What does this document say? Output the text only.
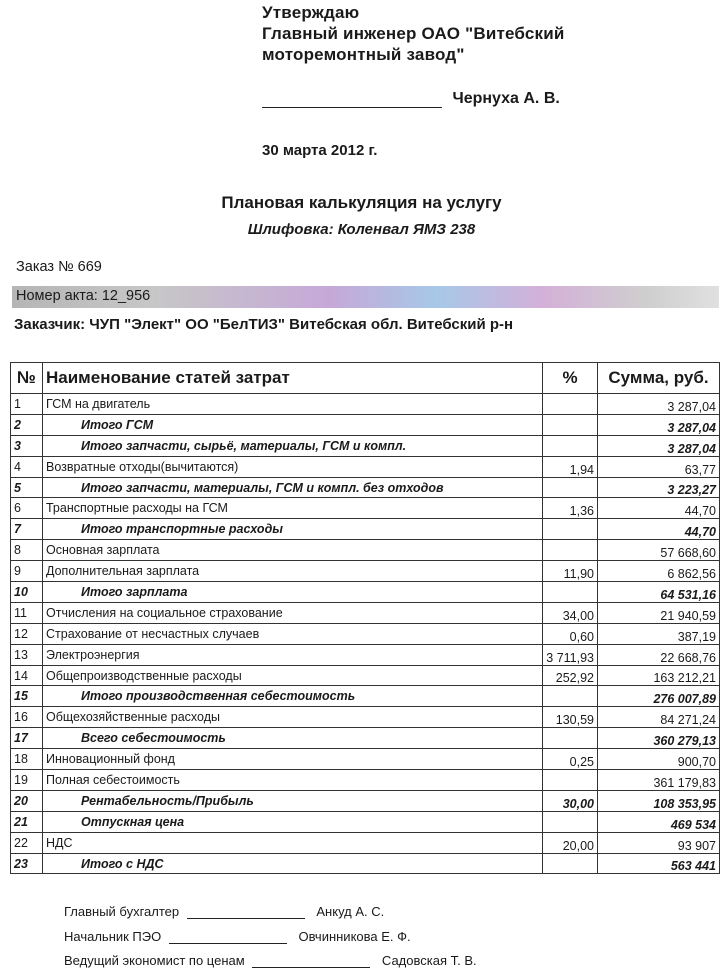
Утверждаю
Главный инженер ОАО "Витебский
моторемонтный завод"
Чернуха А. В.
30 марта 2012 г.
Плановая калькуляция на услугу
Шлифовка: Коленвал ЯМЗ 238
Заказ № 669
Номер акта: 12_956
Заказчик: ЧУП "Элект" ОО "БелТИЗ" Витебская обл. Витебский р-н
№	Наименование статей затрат	%	Сумма, руб.
1	ГСМ на двигатель		3 287,04
2	Итого ГСМ		3 287,04
3	Итого запчасти, сырьё, материалы, ГСМ и компл.		3 287,04
4	Возвратные отходы(вычитаются)	1,94	63,77
5	Итого запчасти, материалы, ГСМ и компл. без отходов		3 223,27
6	Транспортные расходы на ГСМ	1,36	44,70
7	Итого транспортные расходы		44,70
8	Основная зарплата		57 668,60
9	Дополнительная зарплата	11,90	6 862,56
10	Итого зарплата		64 531,16
11	Отчисления на социальное страхование	34,00	21 940,59
12	Страхование от несчастных случаев	0,60	387,19
13	Электроэнергия	3 711,93	22 668,76
14	Общепроизводственные расходы	252,92	163 212,21
15	Итого производственная себестоимость		276 007,89
16	Общехозяйственные расходы	130,59	84 271,24
17	Всего себестоимость		360 279,13
18	Инновационный фонд	0,25	900,70
19	Полная себестоимость		361 179,83
20	Рентабельность/Прибыль	30,00	108 353,95
21	Отпускная цена		469 534
22	НДС	20,00	93 907
23	Итого с НДС		563 441
Главный бухгалтер	Анкуд А. С.
Начальник ПЭО	Овчинникова Е. Ф.
Ведущий экономист по ценам	Садовская Т. В.
